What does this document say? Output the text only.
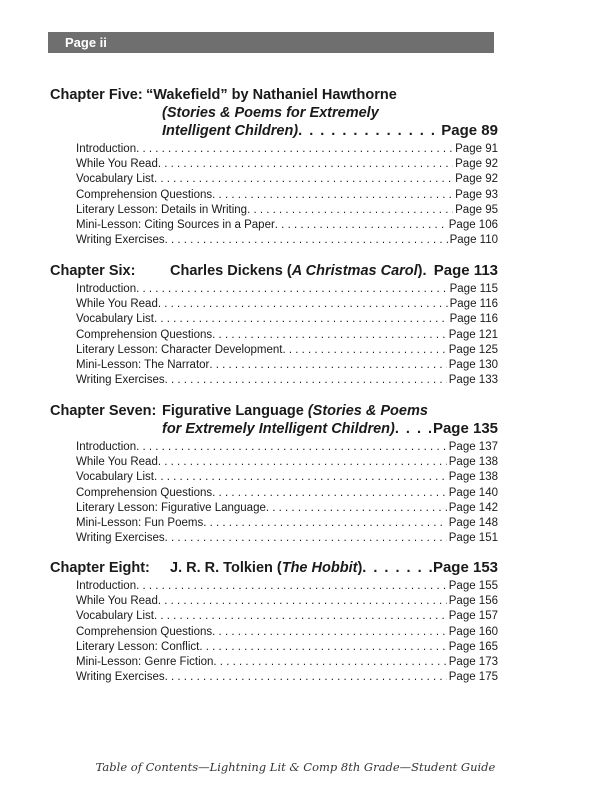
Page ii
Chapter Five: “Wakefield” by Nathaniel Hawthorne
(Stories & Poems for Extremely
Intelligent Children) . . .	Page 89
Introduction . . .	Page 91
While You Read . . .	Page 92
Vocabulary List . . .	Page 92
Comprehension Questions . . .	Page 93
Literary Lesson: Details in Writing . . .	Page 95
Mini-Lesson: Citing Sources in a Paper . . .	Page 106
Writing Exercises . . .	Page 110
Chapter Six:	Charles Dickens (A Christmas Carol) . . . Page 113
Introduction . . .	Page 115
While You Read . . .	Page 116
Vocabulary List . . .	Page 116
Comprehension Questions . . .	Page 121
Literary Lesson: Character Development . . .	Page 125
Mini-Lesson: The Narrator . . .	Page 130
Writing Exercises . . .	Page 133
Chapter Seven: Figurative Language (Stories & Poems
for Extremely Intelligent Children) . . .	Page 135
Introduction . . .	Page 137
While You Read . . .	Page 138
Vocabulary List . . .	Page 138
Comprehension Questions . . .	Page 140
Literary Lesson: Figurative Language . . .	Page 142
Mini-Lesson: Fun Poems . . .	Page 148
Writing Exercises . . .	Page 151
Chapter Eight:	J. R. R. Tolkien (The Hobbit) . . .	Page 153
Introduction . . .	Page 155
While You Read . . .	Page 156
Vocabulary List . . .	Page 157
Comprehension Questions . . .	Page 160
Literary Lesson: Conflict . . .	Page 165
Mini-Lesson: Genre Fiction . . .	Page 173
Writing Exercises . . .	Page 175
Table of Contents—Lightning Lit & Comp 8th Grade—Student Guide
